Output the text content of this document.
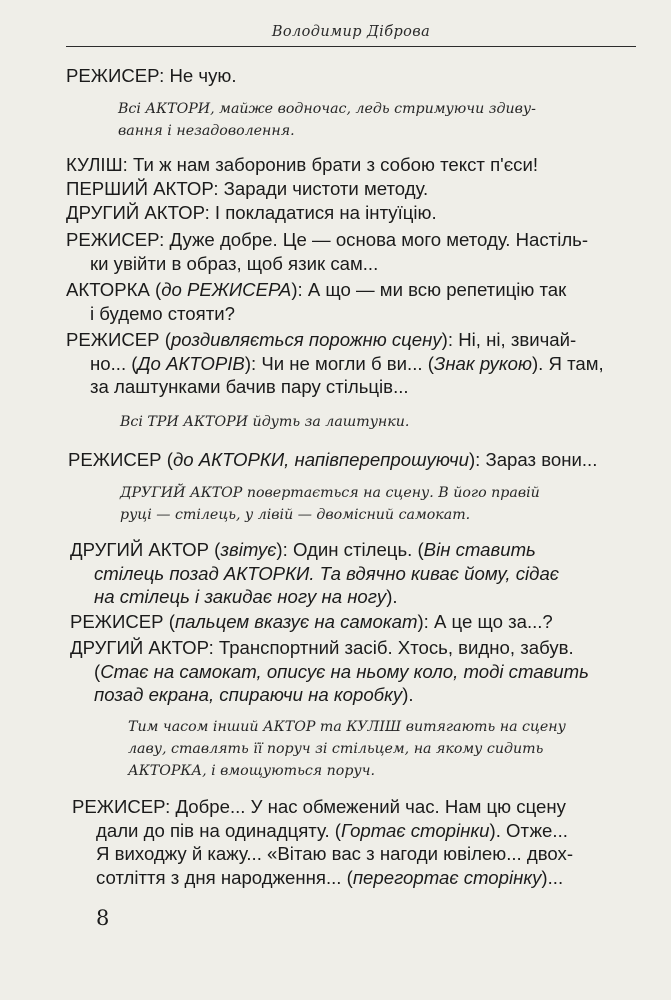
Володимир Діброва
РЕЖИСЕР: Не чую.
Всі АКТОРИ, майже водночас, ледь стримуючи здиву-
вання і незадоволення.
КУЛІШ: Ти ж нам заборонив брати з собою текст п'єси!
ПЕРШИЙ АКТОР: Заради чистоти методу.
ДРУГИЙ АКТОР: І покладатися на інтуїцію.
РЕЖИСЕР: Дуже добре. Це — основа мого методу. Настіль-
ки увійти в образ, щоб язик сам...
АКТОРКА (до РЕЖИСЕРА): А що — ми всю репетицію так
і будемо стояти?
РЕЖИСЕР (роздивляється порожню сцену): Ні, ні, звичай-
но... (До АКТОРІВ): Чи не могли б ви... (Знак рукою). Я там,
за лаштунками бачив пару стільців...
Всі ТРИ АКТОРИ йдуть за лаштунки.
РЕЖИСЕР (до АКТОРКИ, напівперепрошуючи): Зараз вони...
ДРУГИЙ АКТОР повертається на сцену. В його правій
руці — стілець, у лівій — двомісний самокат.
ДРУГИЙ АКТОР (звітує): Один стілець. (Він ставить
стілець позад АКТОРКИ. Та вдячно киває йому, сідає
на стілець і закидає ногу на ногу).
РЕЖИСЕР (пальцем вказує на самокат): А це що за...?
ДРУГИЙ АКТОР: Транспортний засіб. Хтось, видно, забув.
(Стає на самокат, описує на ньому коло, тоді ставить
позад екрана, спираючи на коробку).
Тим часом інший АКТОР та КУЛІШ витягають на сцену
лаву, ставлять її поруч зі стільцем, на якому сидить
АКТОРКА, і вмощуються поруч.
РЕЖИСЕР: Добре... У нас обмежений час. Нам цю сцену
дали до пів на одинадцяту. (Гортає сторінки). Отже...
Я виходжу й кажу... «Вітаю вас з нагоди ювілею... двох-
сотліття з дня народження... (перегортає сторінку)...
8
